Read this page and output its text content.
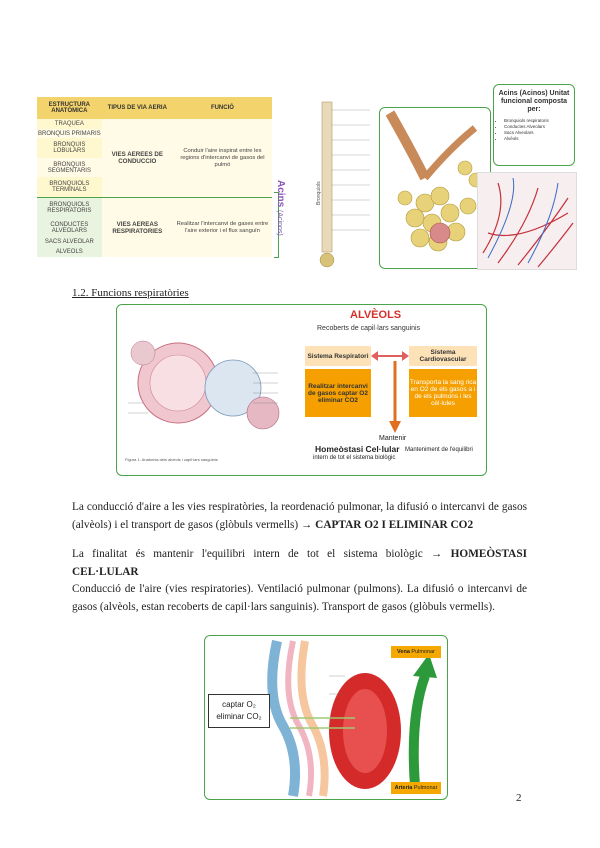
ESTRUCTURA ANATÒMICA	TIPUS DE VIA AERIA	FUNCIÓ
TRAQUEA	VIES AEREES DE CONDUCCIO	Conduir l'aire inspirat entre les regions d'intercanvi de gasos del pulmó
BRONQUIS PRIMARIS		
BRONQUIS LOBULARS		
BRONQUIS SEGMENTARIS		
BRONQUIOLS TERMINALS		
BRONQUIOLS RESPIRATORIS	VIES AEREAS RESPIRATORIES	Realitzar l'intercanvi de gases entre l'aire exterior i el flux sanguín
CONDUCTES ALVEOLARS		
SACS ALVEOLAR		
ALVEOLS		
Acins (Acinos)
Bronquiols
Acins (Acinos) Unitat funcional composta per:
• Bronquiols respiratoris
• Conductes Alveolars
• Sacs Alveolars
• Alvèols
1.2. Funcions respiratòries
Figura 1. Anatomia dels alvèols i capil·lars sanguinis
ALVÈOLS
Recoberts de capil·lars sanguinis
Sistema Respiratori	Sistema Cardiovascular
Realitzar intercanvi de gasos captar O2 eliminar CO2
Transporta la sang rica en O2 de els gasos a i de els pulmons i les cèl·lules
Mantenir
Homeòstasi Cel·lular Manteniment de l'equilibri intern de tot el sistema biològic
La conducció d'aire a les vies respiratòries, la reordenació pulmonar, la difusió o intercanvi de gasos (alvèols) i el transport de gasos (glòbuls vermells) → CAPTAR O2 I ELIMINAR CO2
La finalitat és mantenir l'equilibri intern de tot el sistema biològic → HOMEÒSTASI CEL·LULAR
Conducció de l'aire (vies respiratories). Ventilació pulmonar (pulmons). La difusió o intercanvi de gasos (alvèols, estan recoberts de capil·lars sanguinis). Transport de gasos (glòbuls vermells).
captar O₂
eliminar CO₂
Vena Pulmonar
Arteria Pulmonar
2
